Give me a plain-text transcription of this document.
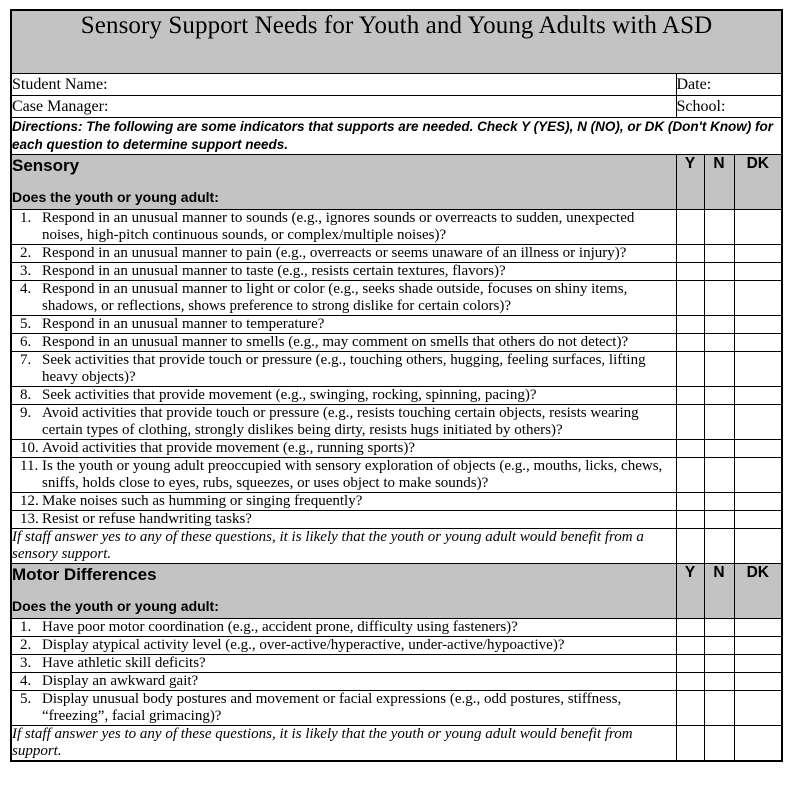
Sensory Support Needs for Youth and Young Adults with ASD			

Student Name:	Date:		
Case Manager:	School:		

Directions: The following are some indicators that supports are needed. Check Y (YES), N (NO), or DK (Don't Know) for each question to determine support needs.			

Sensory
Does the youth or young adult:	Y	N	DK

1. Respond in an unusual manner to sounds (e.g., ignores sounds or overreacts to sudden, unexpected noises, high-pitch continuous sounds, or complex/multiple noises)?			

2. Respond in an unusual manner to pain (e.g., overreacts or seems unaware of an illness or injury)?			

3. Respond in an unusual manner to taste (e.g., resists certain textures, flavors)?			

4. Respond in an unusual manner to light or color (e.g., seeks shade outside, focuses on shiny items, shadows, or reflections, shows preference to strong dislike for certain colors)?			

5. Respond in an unusual manner to temperature?			

6. Respond in an unusual manner to smells (e.g., may comment on smells that others do not detect)?			

7. Seek activities that provide touch or pressure (e.g., touching others, hugging, feeling surfaces, lifting heavy objects)?			

8. Seek activities that provide movement (e.g., swinging, rocking, spinning, pacing)?			

9. Avoid activities that provide touch or pressure (e.g., resists touching certain objects, resists wearing certain types of clothing, strongly dislikes being dirty, resists hugs initiated by others)?			

10. Avoid activities that provide movement (e.g., running sports)?			

11. Is the youth or young adult preoccupied with sensory exploration of objects (e.g., mouths, licks, chews, sniffs, holds close to eyes, rubs, squeezes, or uses object to make sounds)?			

12. Make noises such as humming or singing frequently?			

13. Resist or refuse handwriting tasks?			

If staff answer yes to any of these questions, it is likely that the youth or young adult would benefit from a sensory support.			

Motor Differences
Does the youth or young adult:	Y	N	DK

1. Have poor motor coordination (e.g., accident prone, difficulty using fasteners)?			

2. Display atypical activity level (e.g., over-active/hyperactive, under-active/hypoactive)?			

3. Have athletic skill deficits?			

4. Display an awkward gait?			

5. Display unusual body postures and movement or facial expressions (e.g., odd postures, stiffness, “freezing”, facial grimacing)?			

If staff answer yes to any of these questions, it is likely that the youth or young adult would benefit from support.			
